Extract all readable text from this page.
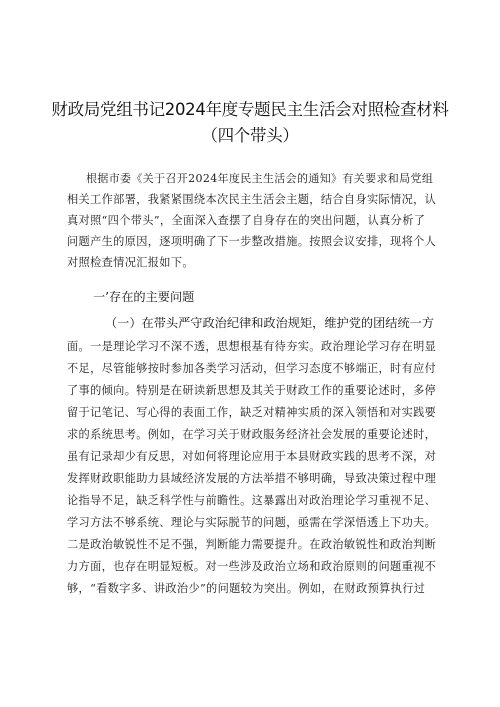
财政局党组书记2024年度专题民主生活会对照检查材料
（四个带头）
根据市委《关于召开2024年度民主生活会的通知》有关要求和局党组
相关工作部署，我紧紧围绕本次民主生活会主题，结合自身实际情况，认
真对照“四个带头”，全面深入查摆了自身存在的突出问题，认真分析了
问题产生的原因，逐项明确了下一步整改措施。按照会议安排，现将个人
对照检查情况汇报如下。
一’存在的主要问题
（一）在带头严守政治纪律和政治规矩，维护党的团结统一方
面。一是理论学习不深不透，思想根基有待夯实。政治理论学习存在明显
不足，尽管能够按时参加各类学习活动，但学习态度不够端正，时有应付
了事的倾向。特别是在研读新思想及其关于财政工作的重要论述时，多停
留于记笔记、写心得的表面工作，缺乏对精神实质的深入领悟和对实践要
求的系统思考。例如，在学习关于财政服务经济社会发展的重要论述时，
虽有记录却少有反思，对如何将理论应用于本县财政实践的思考不深，对
发挥财政职能助力县域经济发展的方法举措不够明确，导致决策过程中理
论指导不足，缺乏科学性与前瞻性。这暴露出对政治理论学习重视不足、
学习方法不够系统、理论与实际脱节的问题，亟需在学深悟透上下功夫。
二是政治敏锐性不足不强，判断能力需要提升。在政治敏锐性和政治判断
力方面，也存在明显短板。对一些涉及政治立场和政治原则的问题重视不
够，“看数字多、讲政治少”的问题较为突出。例如，在财政预算执行过
